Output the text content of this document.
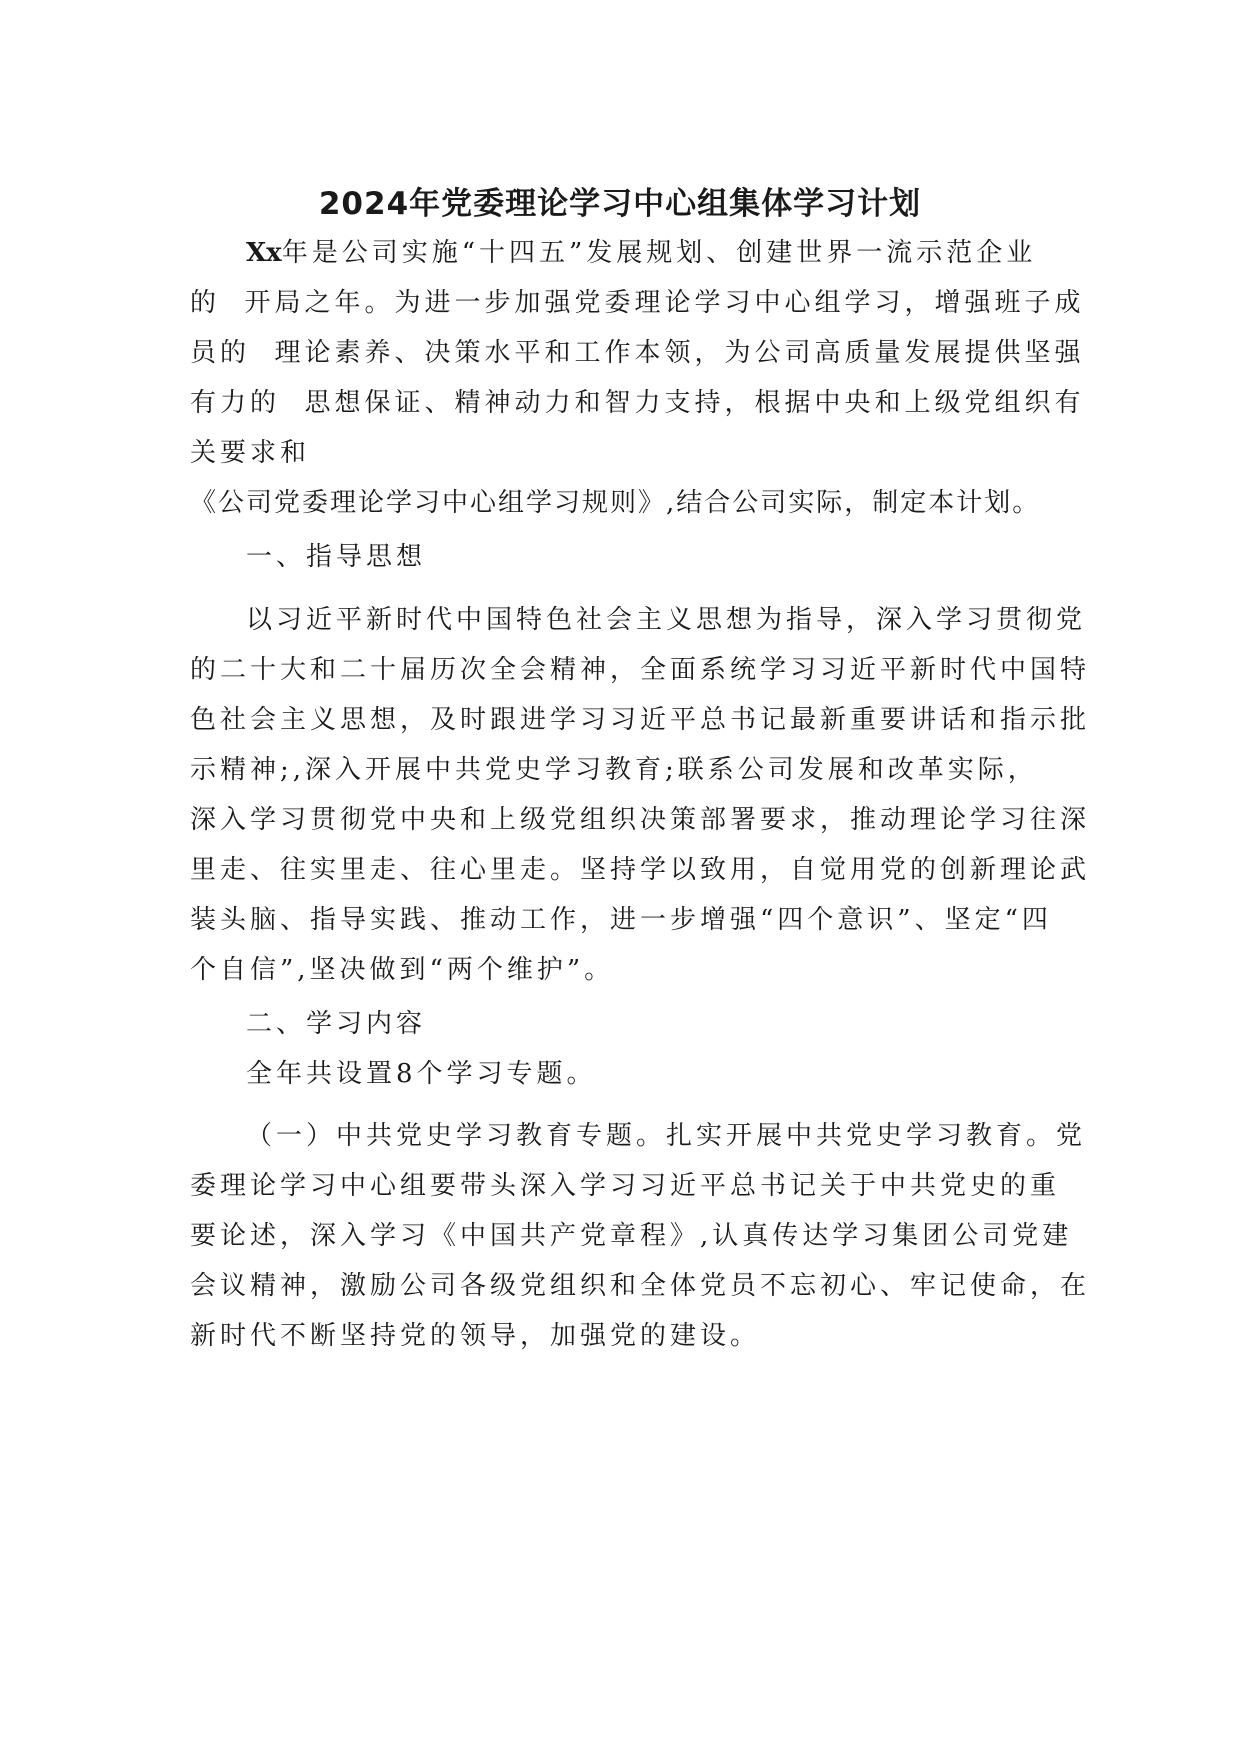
2024年党委理论学习中心组集体学习计划
Xx年是公司实施“十四五”发展规划、创建世界一流示范企业
的  开局之年。为进一步加强党委理论学习中心组学习，增强班子成
员的  理论素养、决策水平和工作本领，为公司高质量发展提供坚强
有力的  思想保证、精神动力和智力支持，根据中央和上级党组织有
关要求和
《公司党委理论学习中心组学习规则》,结合公司实际，制定本计划。
一、指导思想
以习近平新时代中国特色社会主义思想为指导，深入学习贯彻党
的二十大和二十届历次全会精神，全面系统学习习近平新时代中国特
色社会主义思想，及时跟进学习习近平总书记最新重要讲话和指示批
示精神;,深入开展中共党史学习教育;联系公司发展和改革实际，
深入学习贯彻党中央和上级党组织决策部署要求，推动理论学习往深
里走、往实里走、往心里走。坚持学以致用，自觉用党的创新理论武
装头脑、指导实践、推动工作，进一步增强“四个意识”、坚定“四
个自信”,坚决做到“两个维护”。
二、学习内容
全年共设置8个学习专题。
（一）中共党史学习教育专题。扎实开展中共党史学习教育。党
委理论学习中心组要带头深入学习习近平总书记关于中共党史的重
要论述，深入学习《中国共产党章程》,认真传达学习集团公司党建
会议精神，激励公司各级党组织和全体党员不忘初心、牢记使命，在
新时代不断坚持党的领导，加强党的建设。
